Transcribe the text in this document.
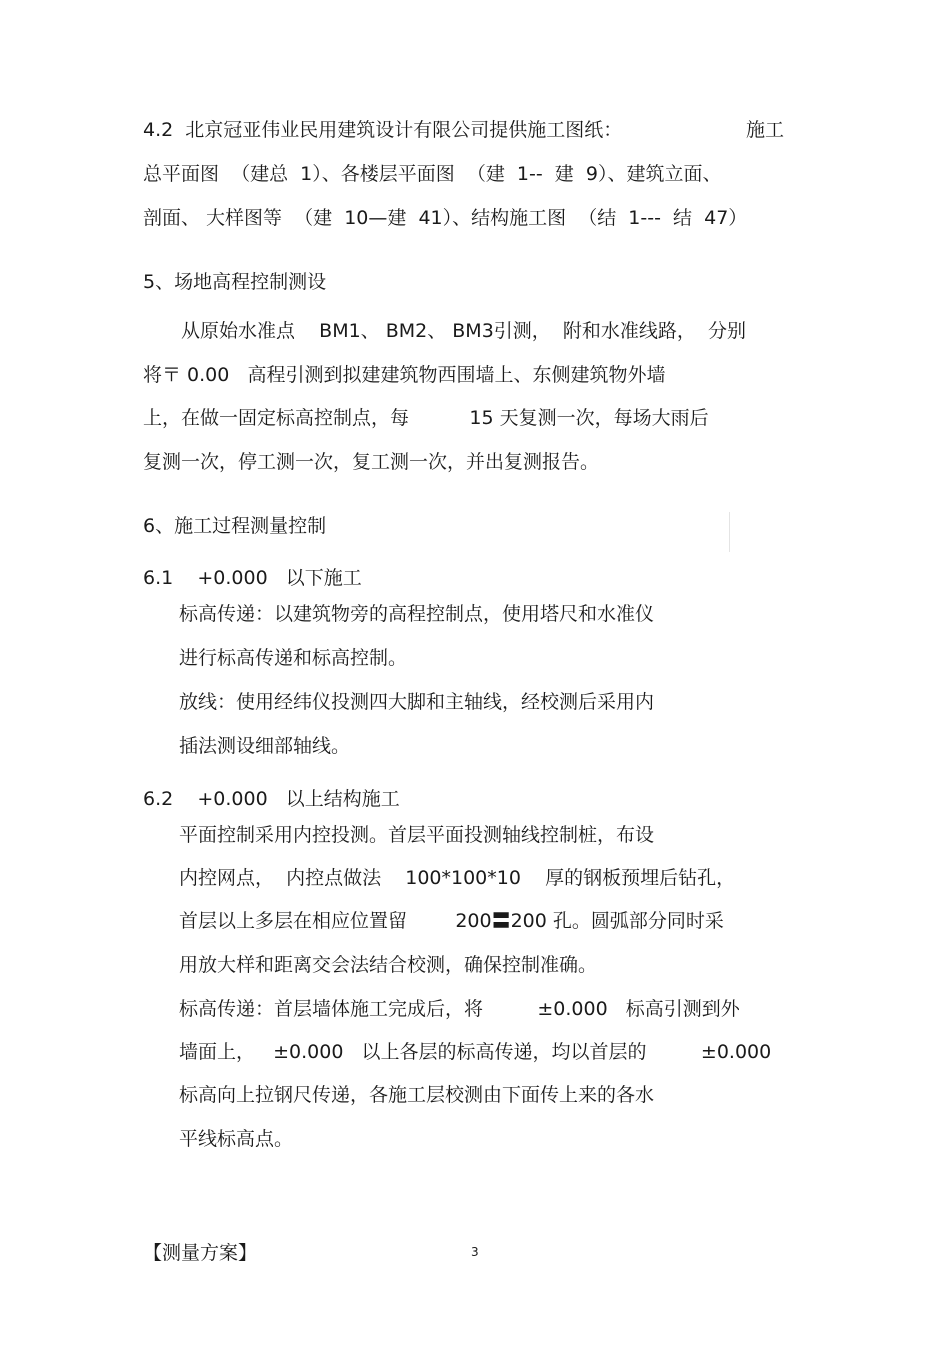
4.2  北京冠亚伟业民用建筑设计有限公司提供施工图纸：	施工
总平面图  （建总  1）、各楼层平面图  （建  1--  建  9）、建筑立面、
剖面、 大样图等  （建  10—建  41）、结构施工图  （结  1---  结  47）
5、场地高程控制测设
从原始水准点    BM1、 BM2、 BM3引测，  附和水准线路，  分别
将〒 0.00   高程引测到拟建建筑物西围墙上、东侧建筑物外墙
上，在做一固定标高控制点，每          15 天复测一次，每场大雨后
复测一次，停工测一次，复工测一次，并出复测报告。
6、施工过程测量控制
6.1    +0.000   以下施工
标高传递：以建筑物旁的高程控制点，使用塔尺和水准仪
进行标高传递和标高控制。
放线：使用经纬仪投测四大脚和主轴线，经校测后采用内
插法测设细部轴线。
6.2    +0.000   以上结构施工
平面控制采用内控投测。首层平面投测轴线控制桩，布设
内控网点，  内控点做法    100*100*10    厚的钢板预埋后钻孔，
首层以上多层在相应位置留        200〓200 孔。圆弧部分同时采
用放大样和距离交会法结合校测，确保控制准确。
标高传递：首层墙体施工完成后，将         ±0.000   标高引测到外
墙面上，   ±0.000   以上各层的标高传递，均以首层的         ±0.000
标高向上拉钢尺传递，各施工层校测由下面传上来的各水
平线标高点。
【测量方案】	3
